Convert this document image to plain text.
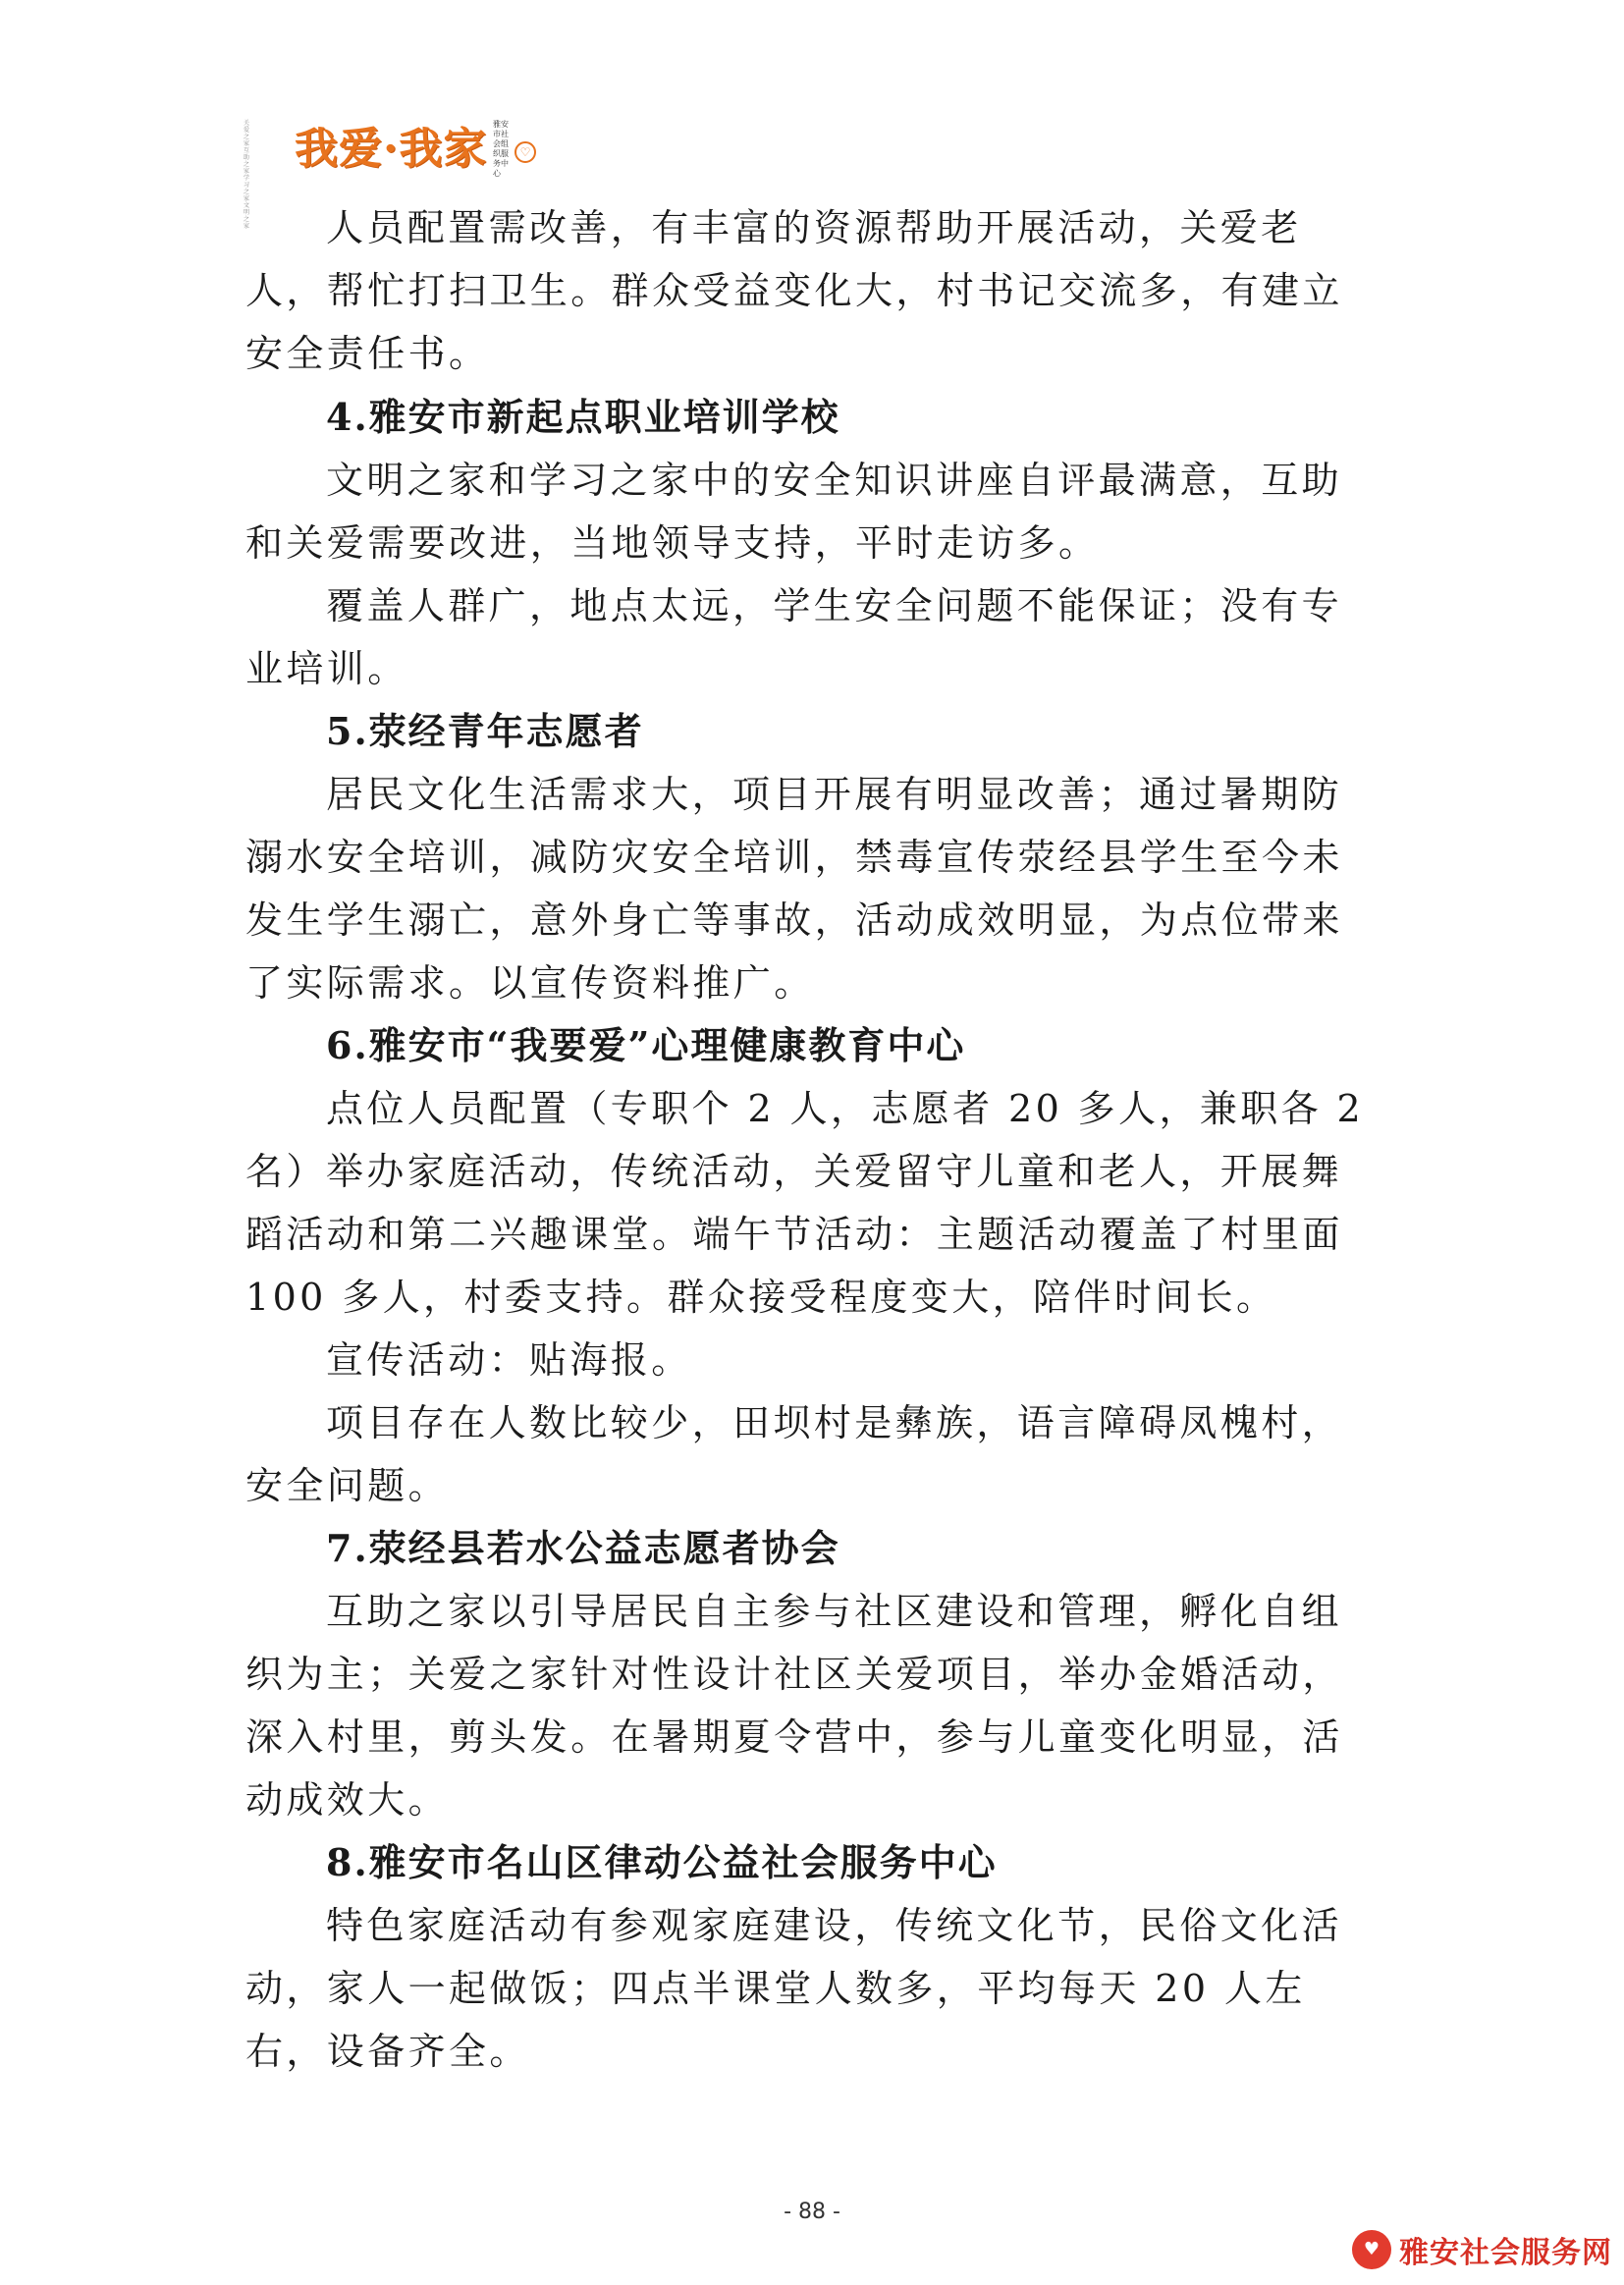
关爱之家 互助之家 学习之家 文明之家
我爱·我家 雅安市社会组织服务中心
♡

人员配置需改善，有丰富的资源帮助开展活动，关爱老人，帮忙打扫卫生。群众受益变化大，村书记交流多，有建立安全责任书。

4.雅安市新起点职业培训学校

文明之家和学习之家中的安全知识讲座自评最满意，互助和关爱需要改进，当地领导支持，平时走访多。

覆盖人群广，地点太远，学生安全问题不能保证；没有专业培训。

5.荥经青年志愿者

居民文化生活需求大，项目开展有明显改善；通过暑期防溺水安全培训，减防灾安全培训，禁毒宣传荥经县学生至今未发生学生溺亡，意外身亡等事故，活动成效明显，为点位带来了实际需求。以宣传资料推广。

6.雅安市“我要爱”心理健康教育中心

点位人员配置（专职个 2 人，志愿者 20 多人，兼职各 2 名） 举办家庭活动，传统活动，关爱留守儿童和老人，开展舞蹈活动和第二兴趣课堂。端午节活动：主题活动覆盖了村里面 100 多人，村委支持。群众接受程度变大，陪伴时间长。

宣传活动：贴海报。

项目存在人数比较少，田坝村是彝族，语言障碍凤槐村，安全问题。

7.荥经县若水公益志愿者协会

互助之家以引导居民自主参与社区建设和管理，孵化自组织为主；关爱之家针对性设计社区关爱项目，举办金婚活动，深入村里，剪头发。在暑期夏令营中，参与儿童变化明显，活动成效大。

8.雅安市名山区律动公益社会服务中心

特色家庭活动有参观家庭建设，传统文化节，民俗文化活动，家人一起做饭；四点半课堂人数多，平均每天 20 人左右，设备齐全。

- 88 -
♥ 雅安社会服务网
